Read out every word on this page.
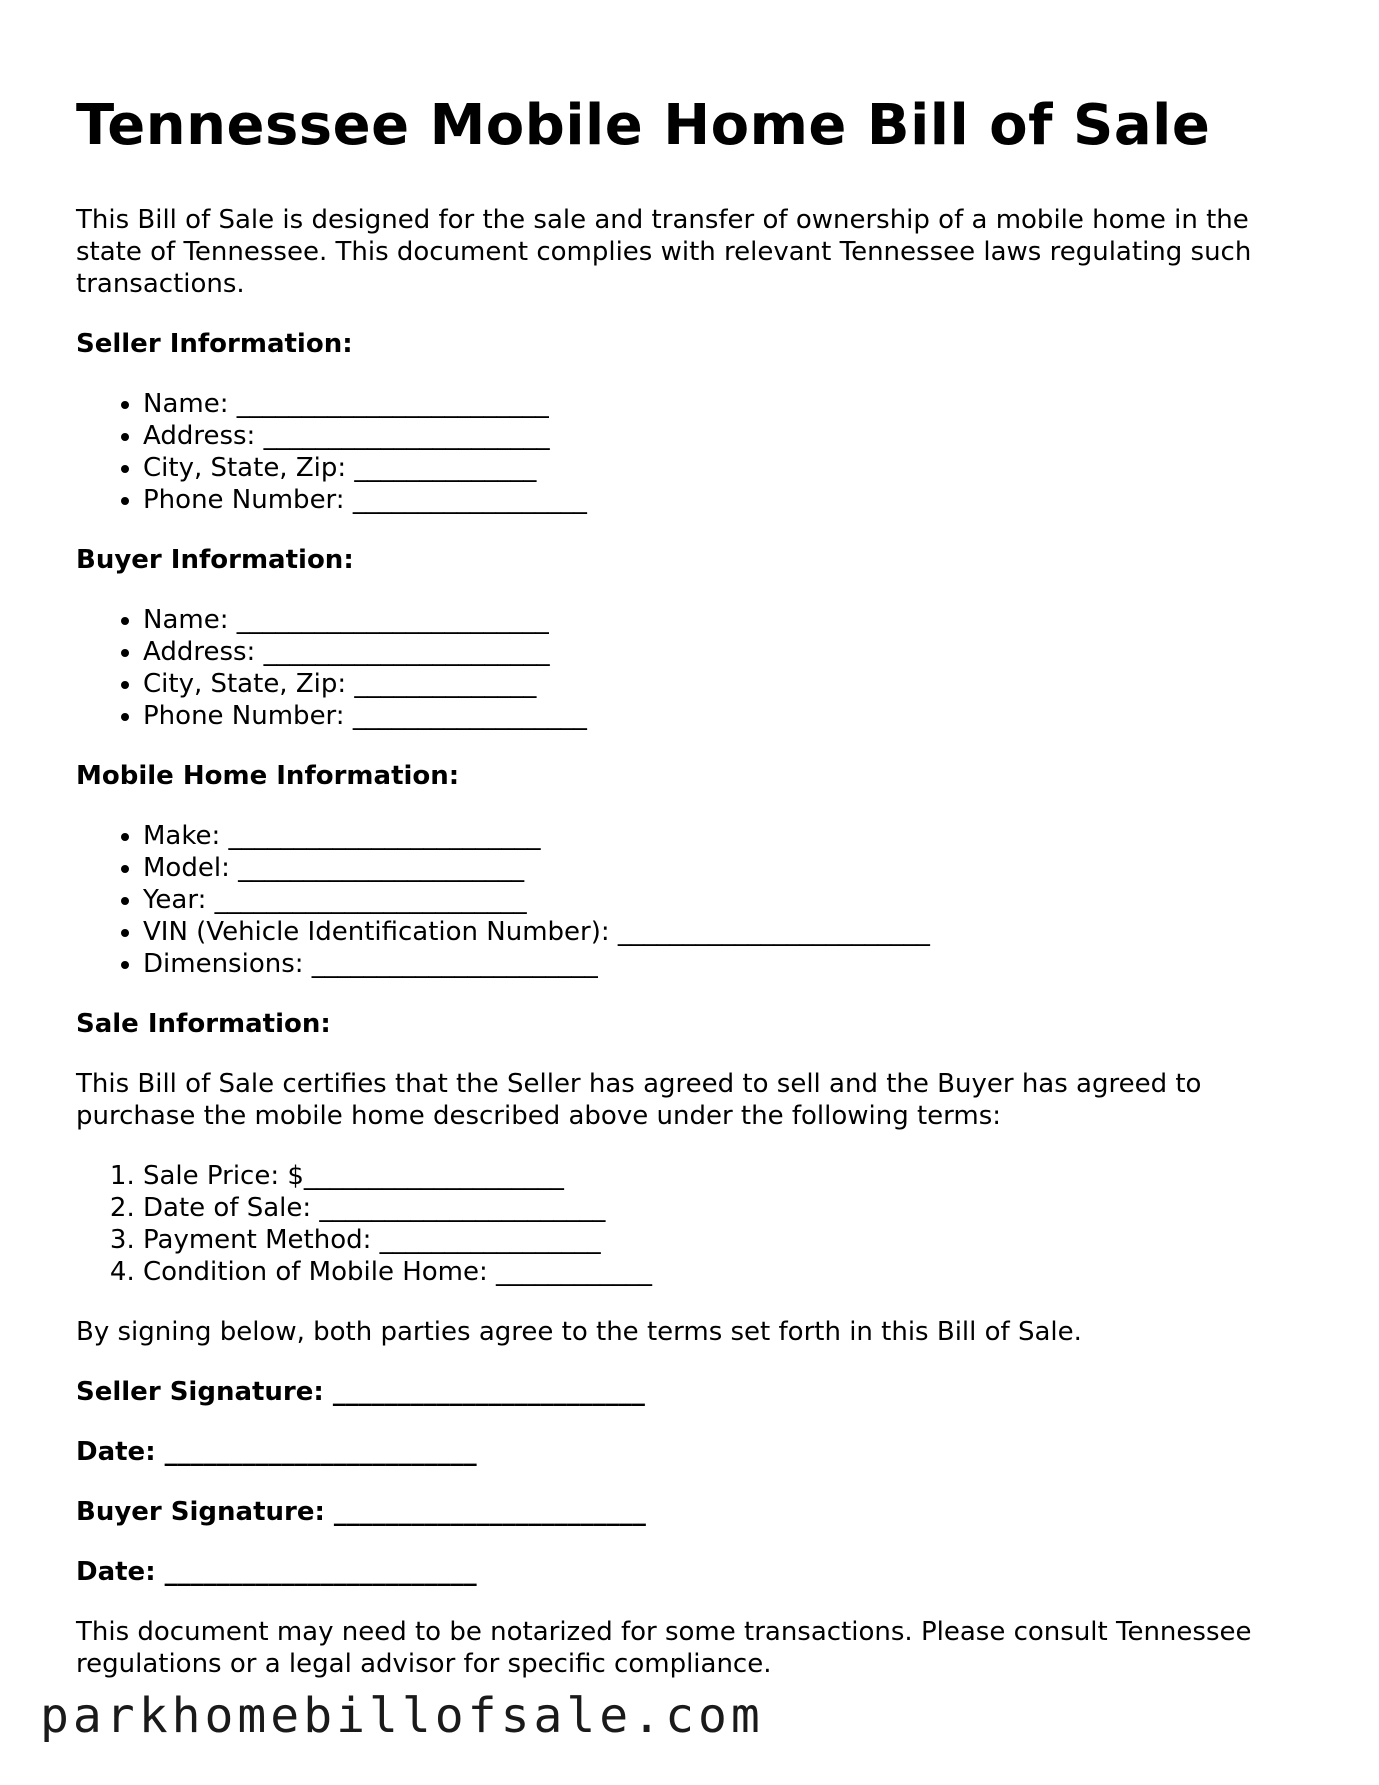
Tennessee Mobile Home Bill of Sale

This Bill of Sale is designed for the sale and transfer of ownership of a mobile home in the state of Tennessee. This document complies with relevant Tennessee laws regulating such transactions.

Seller Information:
• Name: ________________________
• Address: ______________________
• City, State, Zip: ______________
• Phone Number: __________________
Buyer Information:
• Name: ________________________
• Address: ______________________
• City, State, Zip: ______________
• Phone Number: __________________
Mobile Home Information:
• Make: ________________________
• Model: ______________________
• Year: ________________________
• VIN (Vehicle Identification Number): ________________________
• Dimensions: ______________________
Sale Information:

This Bill of Sale certifies that the Seller has agreed to sell and the Buyer has agreed to purchase the mobile home described above under the following terms:

1. Sale Price: $____________________
2. Date of Sale: ______________________
3. Payment Method: _________________
4. Condition of Mobile Home: ____________

By signing below, both parties agree to the terms set forth in this Bill of Sale.

Seller Signature: ________________________
Date: ________________________
Buyer Signature: ________________________
Date: ________________________

This document may need to be notarized for some transactions. Please consult Tennessee regulations or a legal advisor for specific compliance.

parkhomebillofsale.com
